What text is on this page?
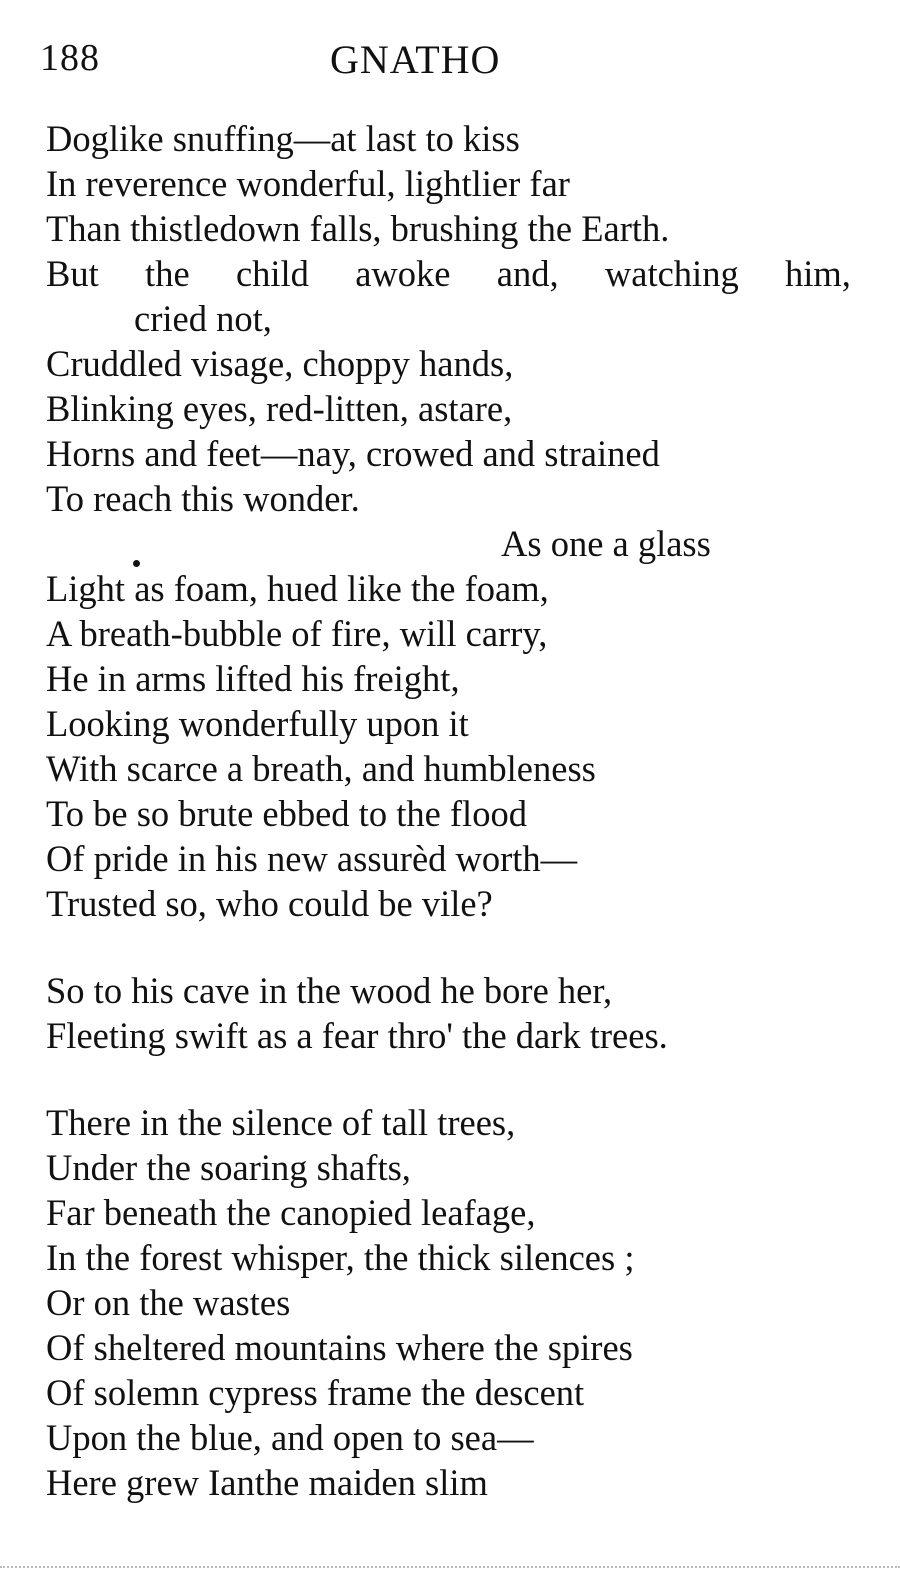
188	GNATHO
Doglike snuffing—at last to kiss
In reverence wonderful, lightlier far
Than thistledown falls, brushing the Earth.
But the child awoke and, watching him,
cried not,
Cruddled visage, choppy hands,
Blinking eyes, red-litten, astare,
Horns and feet—nay, crowed and strained
To reach this wonder.
As one a glass
Light as foam, hued like the foam,
A breath-bubble of fire, will carry,
He in arms lifted his freight,
Looking wonderfully upon it
With scarce a breath, and humbleness
To be so brute ebbed to the flood
Of pride in his new assurèd worth—
Trusted so, who could be vile?
So to his cave in the wood he bore her,
Fleeting swift as a fear thro' the dark trees.
There in the silence of tall trees,
Under the soaring shafts,
Far beneath the canopied leafage,
In the forest whisper, the thick silences ;
Or on the wastes
Of sheltered mountains where the spires
Of solemn cypress frame the descent
Upon the blue, and open to sea—
Here grew Ianthe maiden slim
